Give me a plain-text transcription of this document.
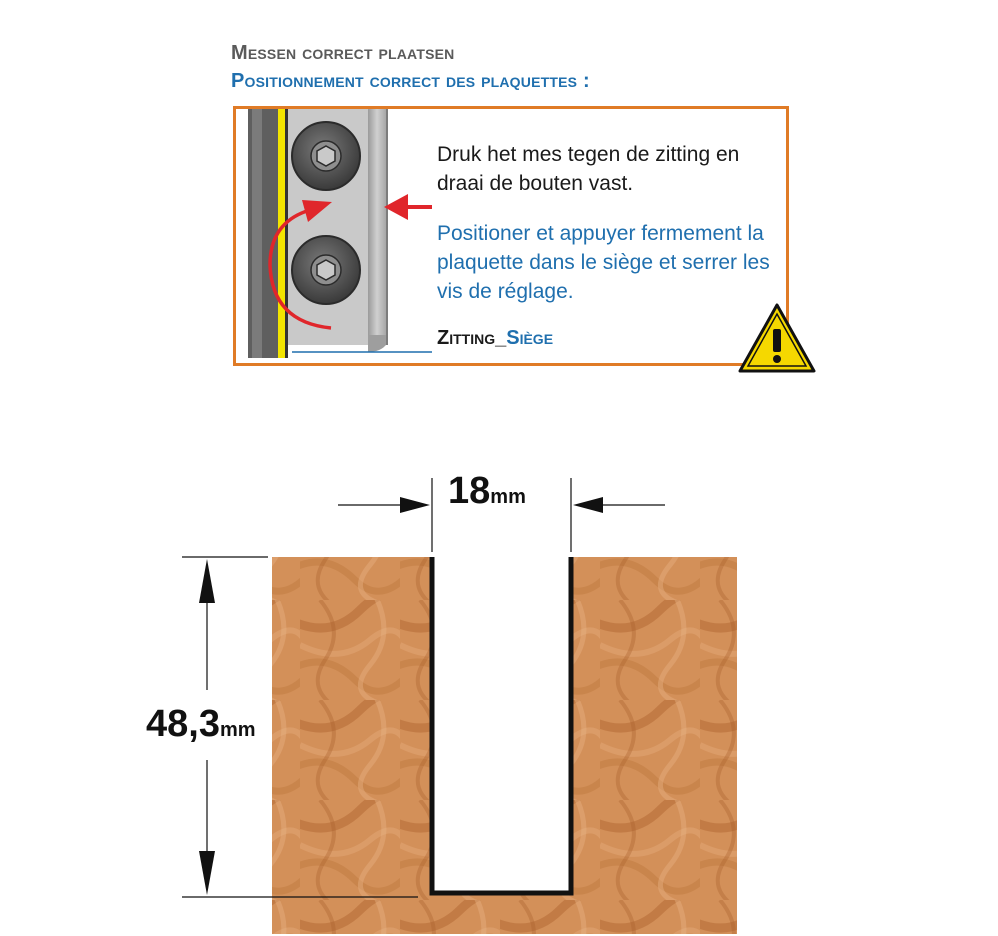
Messen correct plaatsen
Positionnement correct des plaquettes :
Druk het mes tegen de zitting en draai de bouten vast.
Positioner et appuyer fermement la plaquette dans le siège et serrer les vis de réglage.
Zitting_Siège
18mm
48,3mm
